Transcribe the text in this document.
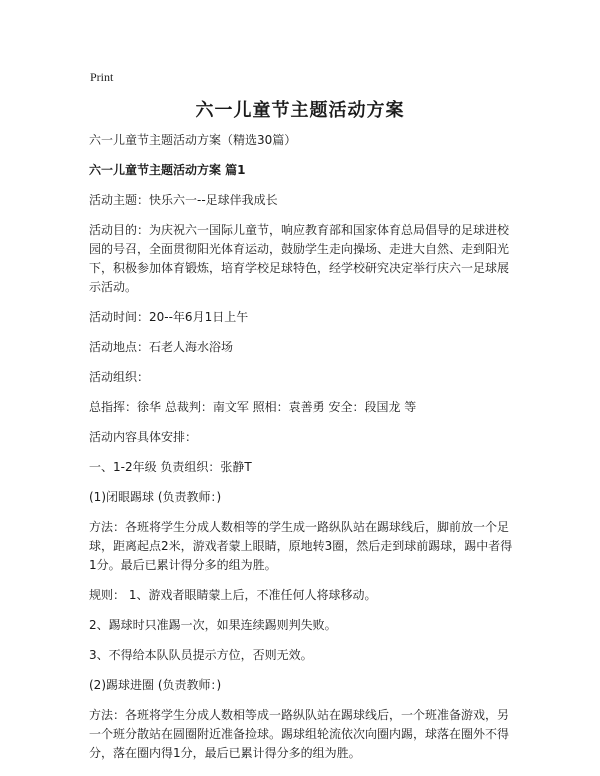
Print
六一儿童节主题活动方案

六一儿童节主题活动方案（精选30篇）

六一儿童节主题活动方案 篇1

活动主题：快乐六一--足球伴我成长

活动目的：为庆祝六一国际儿童节，响应教育部和国家体育总局倡导的足球进校园的号召，全面贯彻阳光体育运动，鼓励学生走向操场、走进大自然、走到阳光下，积极参加体育锻炼，培育学校足球特色，经学校研究决定举行庆六一足球展示活动。

活动时间：20--年6月1日上午

活动地点：石老人海水浴场

活动组织：

总指挥：徐华 总裁判：南文军 照相：袁善勇 安全：段国龙 等

活动内容具体安排：

一、1-2年级 负责组织：张静T

(1)闭眼踢球 (负责教师：)

方法：各班将学生分成人数相等的学生成一路纵队站在踢球线后，脚前放一个足球，距离起点2米，游戏者蒙上眼睛，原地转3圈，然后走到球前踢球，踢中者得1分。最后已累计得分多的组为胜。

规则： 1、游戏者眼睛蒙上后，不准任何人将球移动。

2、踢球时只准踢一次，如果连续踢则判失败。

3、不得给本队队员提示方位，否则无效。

(2)踢球进圈 (负责教师：)

方法：各班将学生分成人数相等成一路纵队站在踢球线后，一个班准备游戏，另一个班分散站在圆圈附近准备捡球。踢球组轮流依次向圈内踢，球落在圈外不得分，落在圈内得1分，最后已累计得分多的组为胜。
